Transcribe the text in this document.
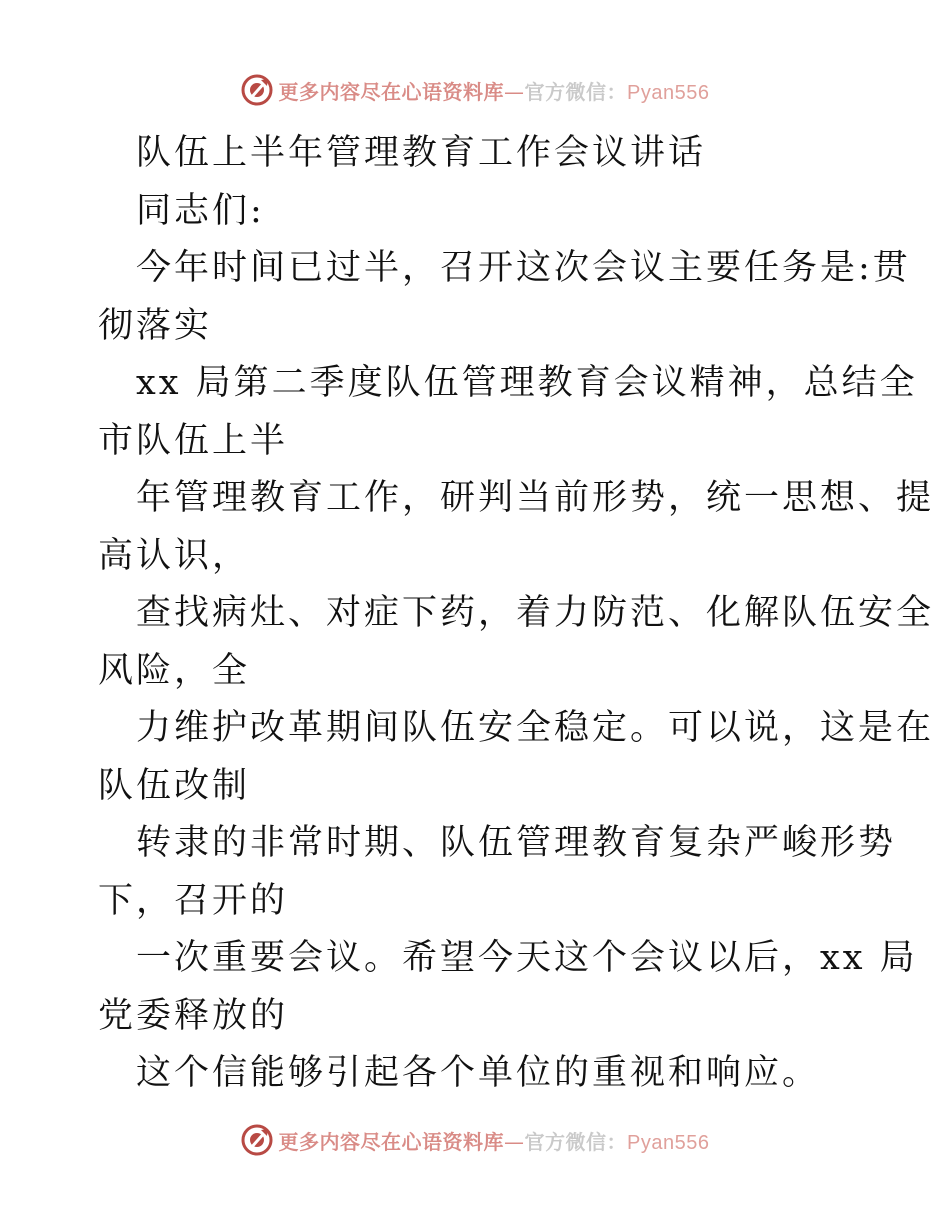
更多内容尽在心语资料库—官方微信：Pyan556
队伍上半年管理教育工作会议讲话
同志们:
今年时间已过半，召开这次会议主要任务是:贯
彻落实
xx 局第二季度队伍管理教育会议精神，总结全
市队伍上半
年管理教育工作，研判当前形势，统一思想、提
高认识，
查找病灶、对症下药，着力防范、化解队伍安全
风险，全
力维护改革期间队伍安全稳定。可以说，这是在
队伍改制
转隶的非常时期、队伍管理教育复杂严峻形势
下，召开的
一次重要会议。希望今天这个会议以后，xx 局
党委释放的
这个信能够引起各个单位的重视和响应。
更多内容尽在心语资料库—官方微信：Pyan556
